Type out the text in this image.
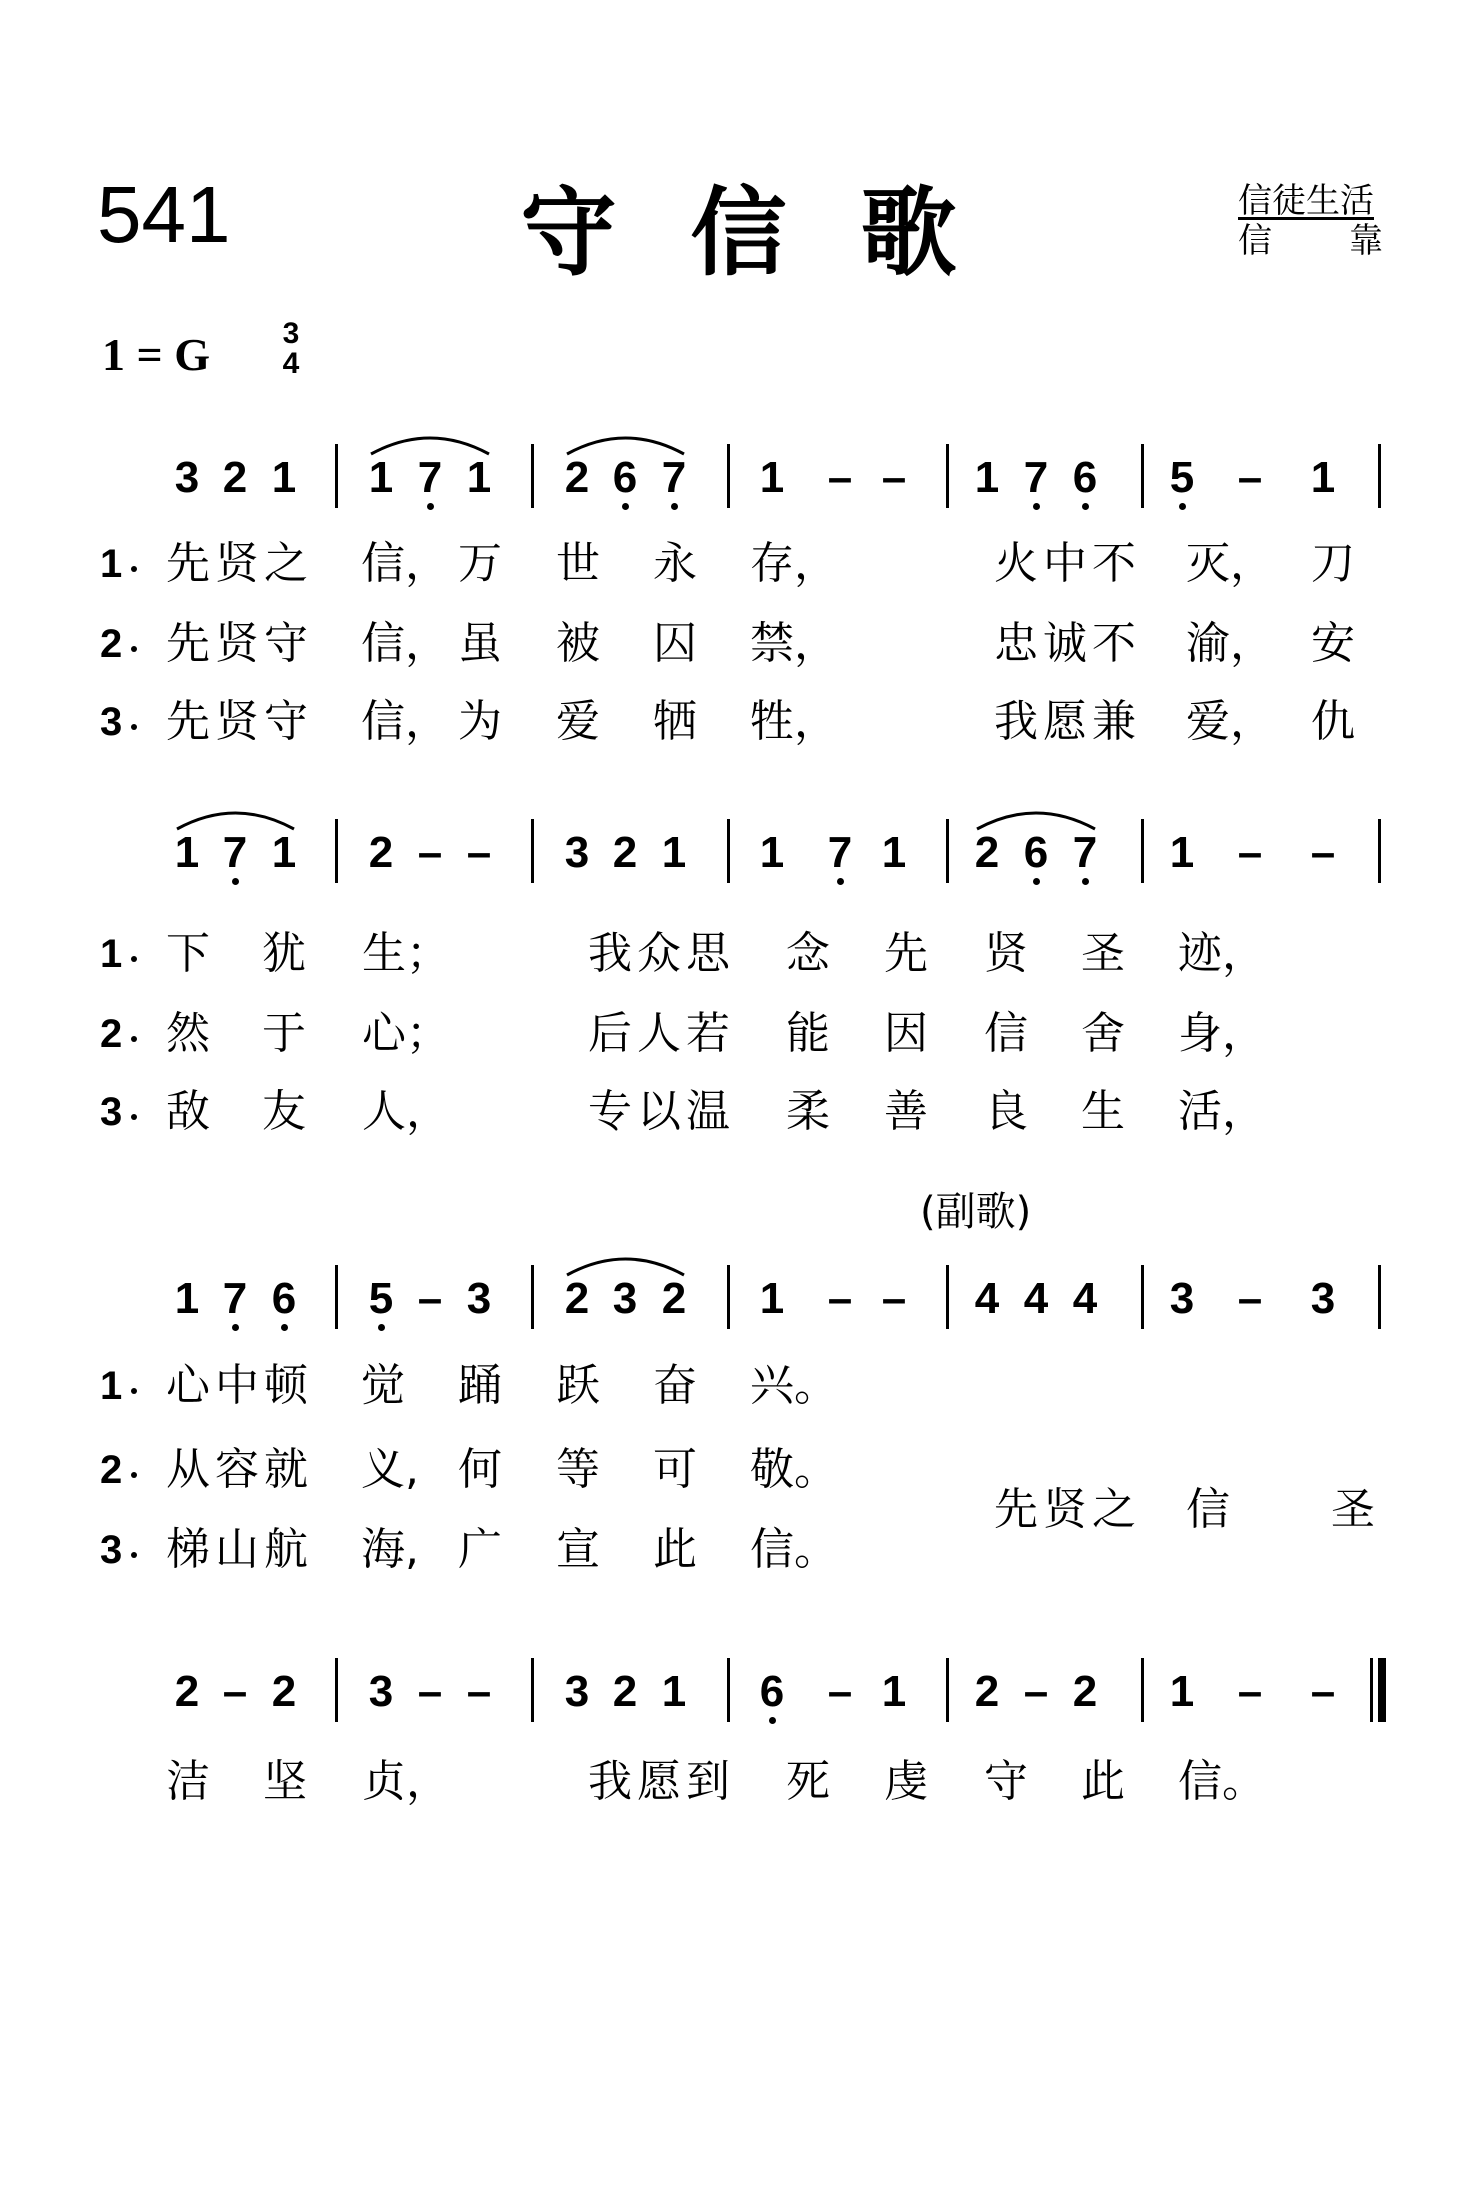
541	守信歌	信徒生活
信 靠
1 = G 3
4
(副歌)
3 2 1 1 7 1 2 6 7 1 – – 1 7 6 5 – 1
1 先 贤 之 信， 万 世 永 存，	火 中 不 灭， 刀
2 先 贤 守 信， 虽 被 囚 禁，	忠 诚 不 渝， 安
3 先 贤 守 信， 为 爱 牺 牲，	我 愿 兼 爱， 仇
1 7 1 2 – – 3 2 1 1 7 1 2 6 7 1 – –
1 下 犹 生；	我 众 思 念 先 贤 圣 迹，
2 然 于 心；	后 人 若 能 因 信 舍 身，
3 敌 友 人，	专 以 温 柔 善 良 生 活，
1 7 6 5 – 3 2 3 2 1 – – 4 4 4 3 – 3
1 心 中 顿 觉 踊 跃 奋 兴。
2 从 容 就 义, 何 等 可 敬。
3 梯 山 航 海, 广 宣 此 信。
先 贤 之 信 圣
2 – 2 3 – – 3 2 1 6 – 1 2 – 2 1 – –
洁 坚 贞，	我 愿 到 死 虔 守 此 信。
